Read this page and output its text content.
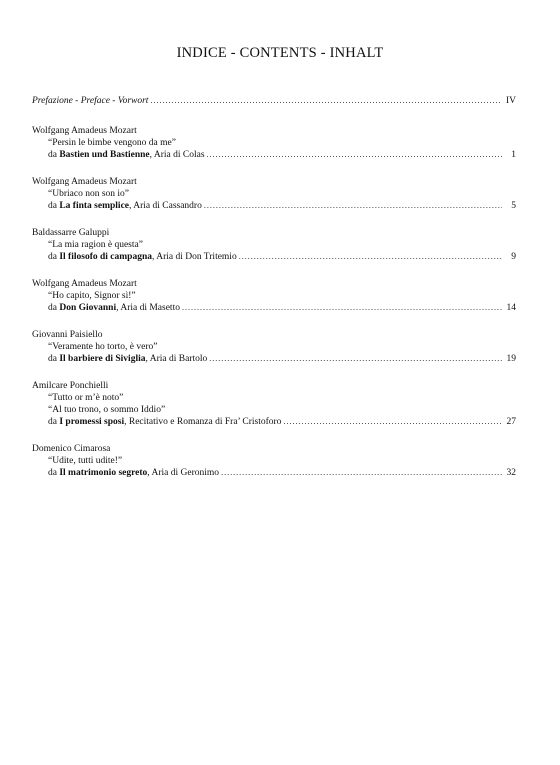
INDICE - CONTENTS - INHALT
Prefazione - Preface - Vorwort .....	IV
Wolfgang Amadeus Mozart
“Persin le bimbe vengono da me”
da Bastien und Bastienne, Aria di Colas .....	1
Wolfgang Amadeus Mozart
“Ubriaco non son io”
da La finta semplice, Aria di Cassandro .....	5
Baldassarre Galuppi
“La mia ragion è questa”
da Il filosofo di campagna, Aria di Don Tritemio .....	9
Wolfgang Amadeus Mozart
“Ho capito, Signor sì!”
da Don Giovanni, Aria di Masetto .....	14
Giovanni Paisiello
“Veramente ho torto, è vero”
da Il barbiere di Siviglia, Aria di Bartolo .....	19
Amilcare Ponchielli
“Tutto or m’è noto”
“Al tuo trono, o sommo Iddio”
da I promessi sposi, Recitativo e Romanza di Fra’ Cristoforo .....	27
Domenico Cimarosa
“Udite, tutti udite!”
da Il matrimonio segreto, Aria di Geronimo .....	32
